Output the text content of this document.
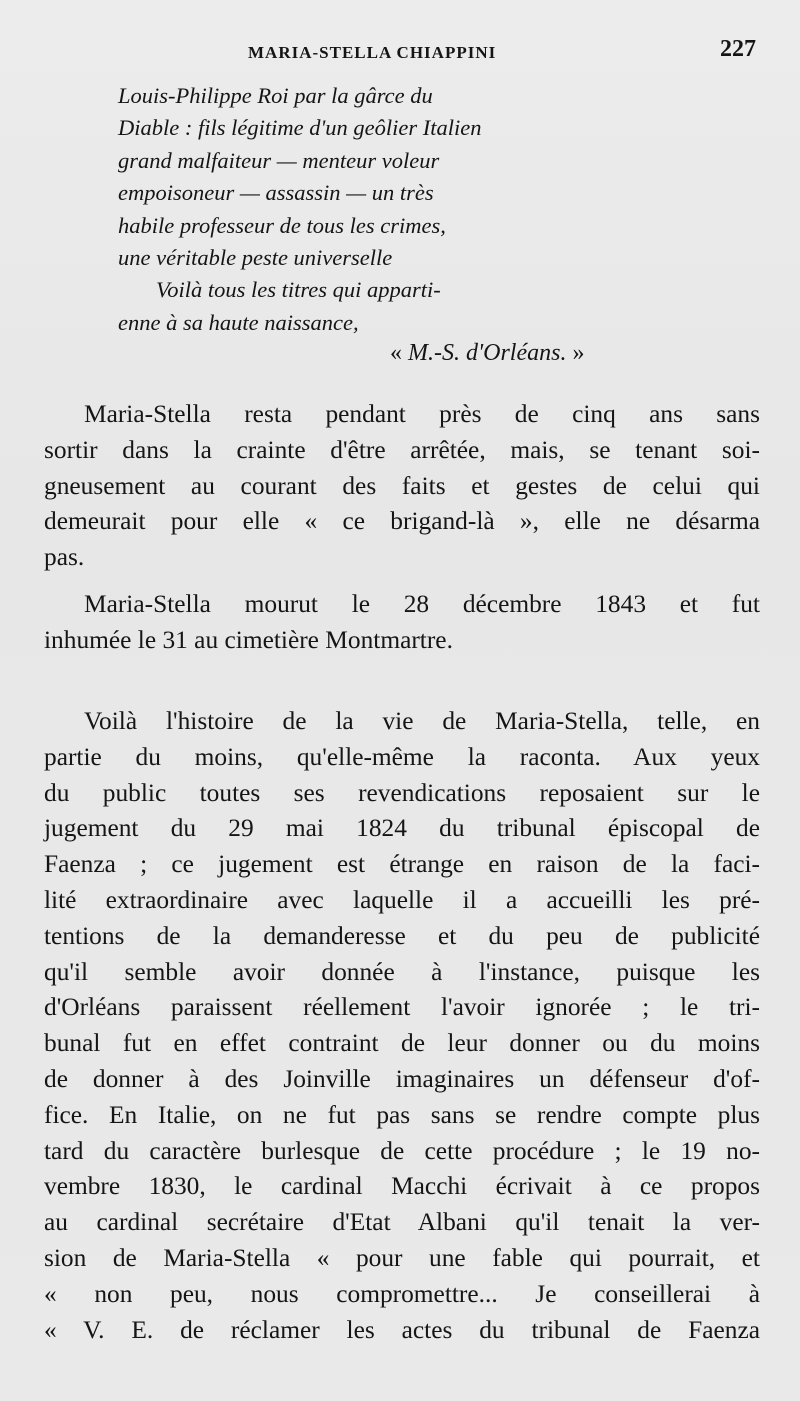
MARIA-STELLA CHIAPPINI	227
Louis-Philippe Roi par la gârce du
Diable : fils légitime d'un geôlier Italien
grand malfaiteur — menteur voleur
empoisoneur — assassin — un très
habile professeur de tous les crimes,
une véritable peste universelle
Voilà tous les titres qui apparti-
enne à sa haute naissance,
« M.-S. d'Orléans. »
Maria-Stella resta pendant près de cinq ans sans
sortir dans la crainte d'être arrêtée, mais, se tenant soi-
gneusement au courant des faits et gestes de celui qui
demeurait pour elle « ce brigand-là », elle ne désarma
pas.
Maria-Stella mourut le 28 décembre 1843 et fut
inhumée le 31 au cimetière Montmartre.
Voilà l'histoire de la vie de Maria-Stella, telle, en
partie du moins, qu'elle-même la raconta. Aux yeux
du public toutes ses revendications reposaient sur le
jugement du 29 mai 1824 du tribunal épiscopal de
Faenza ; ce jugement est étrange en raison de la faci-
lité extraordinaire avec laquelle il a accueilli les pré-
tentions de la demanderesse et du peu de publicité
qu'il semble avoir donnée à l'instance, puisque les
d'Orléans paraissent réellement l'avoir ignorée ; le tri-
bunal fut en effet contraint de leur donner ou du moins
de donner à des Joinville imaginaires un défenseur d'of-
fice. En Italie, on ne fut pas sans se rendre compte plus
tard du caractère burlesque de cette procédure ; le 19 no-
vembre 1830, le cardinal Macchi écrivait à ce propos
au cardinal secrétaire d'Etat Albani qu'il tenait la ver-
sion de Maria-Stella « pour une fable qui pourrait, et
« non peu, nous compromettre... Je conseillerai à
« V. E. de réclamer les actes du tribunal de Faenza
